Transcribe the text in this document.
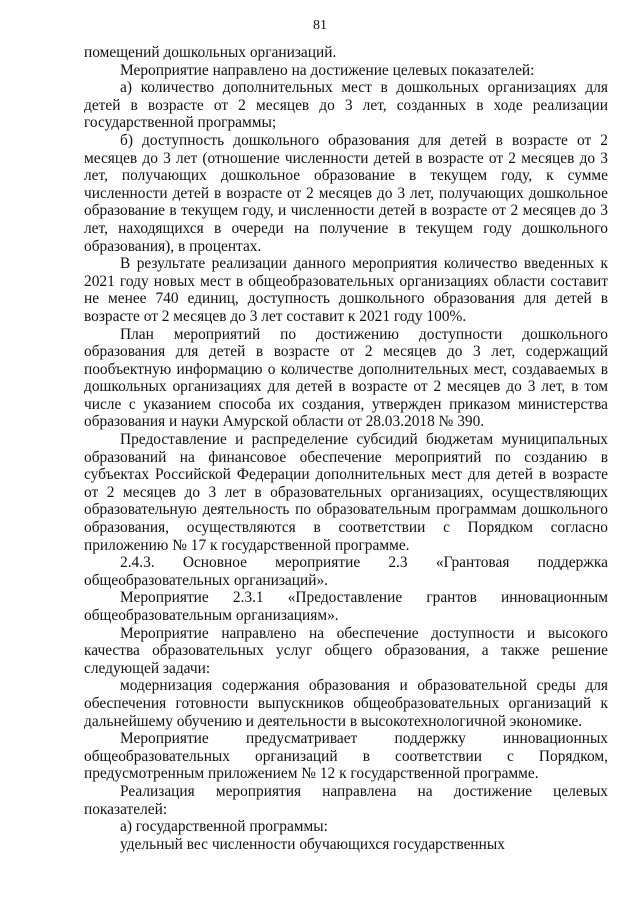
81

помещений дошкольных организаций.

Мероприятие направлено на достижение целевых показателей:

а) количество дополнительных мест в дошкольных организациях для детей в возрасте от 2 месяцев до 3 лет, созданных в ходе реализации государственной программы;

б) доступность дошкольного образования для детей в возрасте от 2 месяцев до 3 лет (отношение численности детей в возрасте от 2 месяцев до 3 лет, получающих дошкольное образование в текущем году, к сумме численности детей в возрасте от 2 месяцев до 3 лет, получающих дошкольное образование в текущем году, и численности детей в возрасте от 2 месяцев до 3 лет, находящихся в очереди на получение в текущем году дошкольного образования), в процентах.

В результате реализации данного мероприятия количество введенных к 2021 году новых мест в общеобразовательных организациях области составит не менее 740 единиц, доступность дошкольного образования для детей в возрасте от 2 месяцев до 3 лет составит к 2021 году 100%.

План мероприятий по достижению доступности дошкольного образования для детей в возрасте от 2 месяцев до 3 лет, содержащий пообъектную информацию о количестве дополнительных мест, создаваемых в дошкольных организациях для детей в возрасте от 2 месяцев до 3 лет, в том числе с указанием способа их создания, утвержден приказом министерства образования и науки Амурской области от 28.03.2018 № 390.

Предоставление и распределение субсидий бюджетам муниципальных образований на финансовое обеспечение мероприятий по созданию в субъектах Российской Федерации дополнительных мест для детей в возрасте от 2 месяцев до 3 лет в образовательных организациях, осуществляющих образовательную деятельность по образовательным программам дошкольного образования, осуществляются в соответствии с Порядком согласно приложению № 17 к государственной программе.

2.4.3. Основное мероприятие 2.3 «Грантовая поддержка общеобразовательных организаций».

Мероприятие 2.3.1 «Предоставление грантов инновационным общеобразовательным организациям».

Мероприятие направлено на обеспечение доступности и высокого качества образовательных услуг общего образования, а также решение следующей задачи:

модернизация содержания образования и образовательной среды для обеспечения готовности выпускников общеобразовательных организаций к дальнейшему обучению и деятельности в высокотехнологичной экономике.

Мероприятие предусматривает поддержку инновационных общеобразовательных организаций в соответствии с Порядком, предусмотренным приложением № 12 к государственной программе.

Реализация мероприятия направлена на достижение целевых показателей:

а) государственной программы:

удельный вес численности обучающихся государственных
